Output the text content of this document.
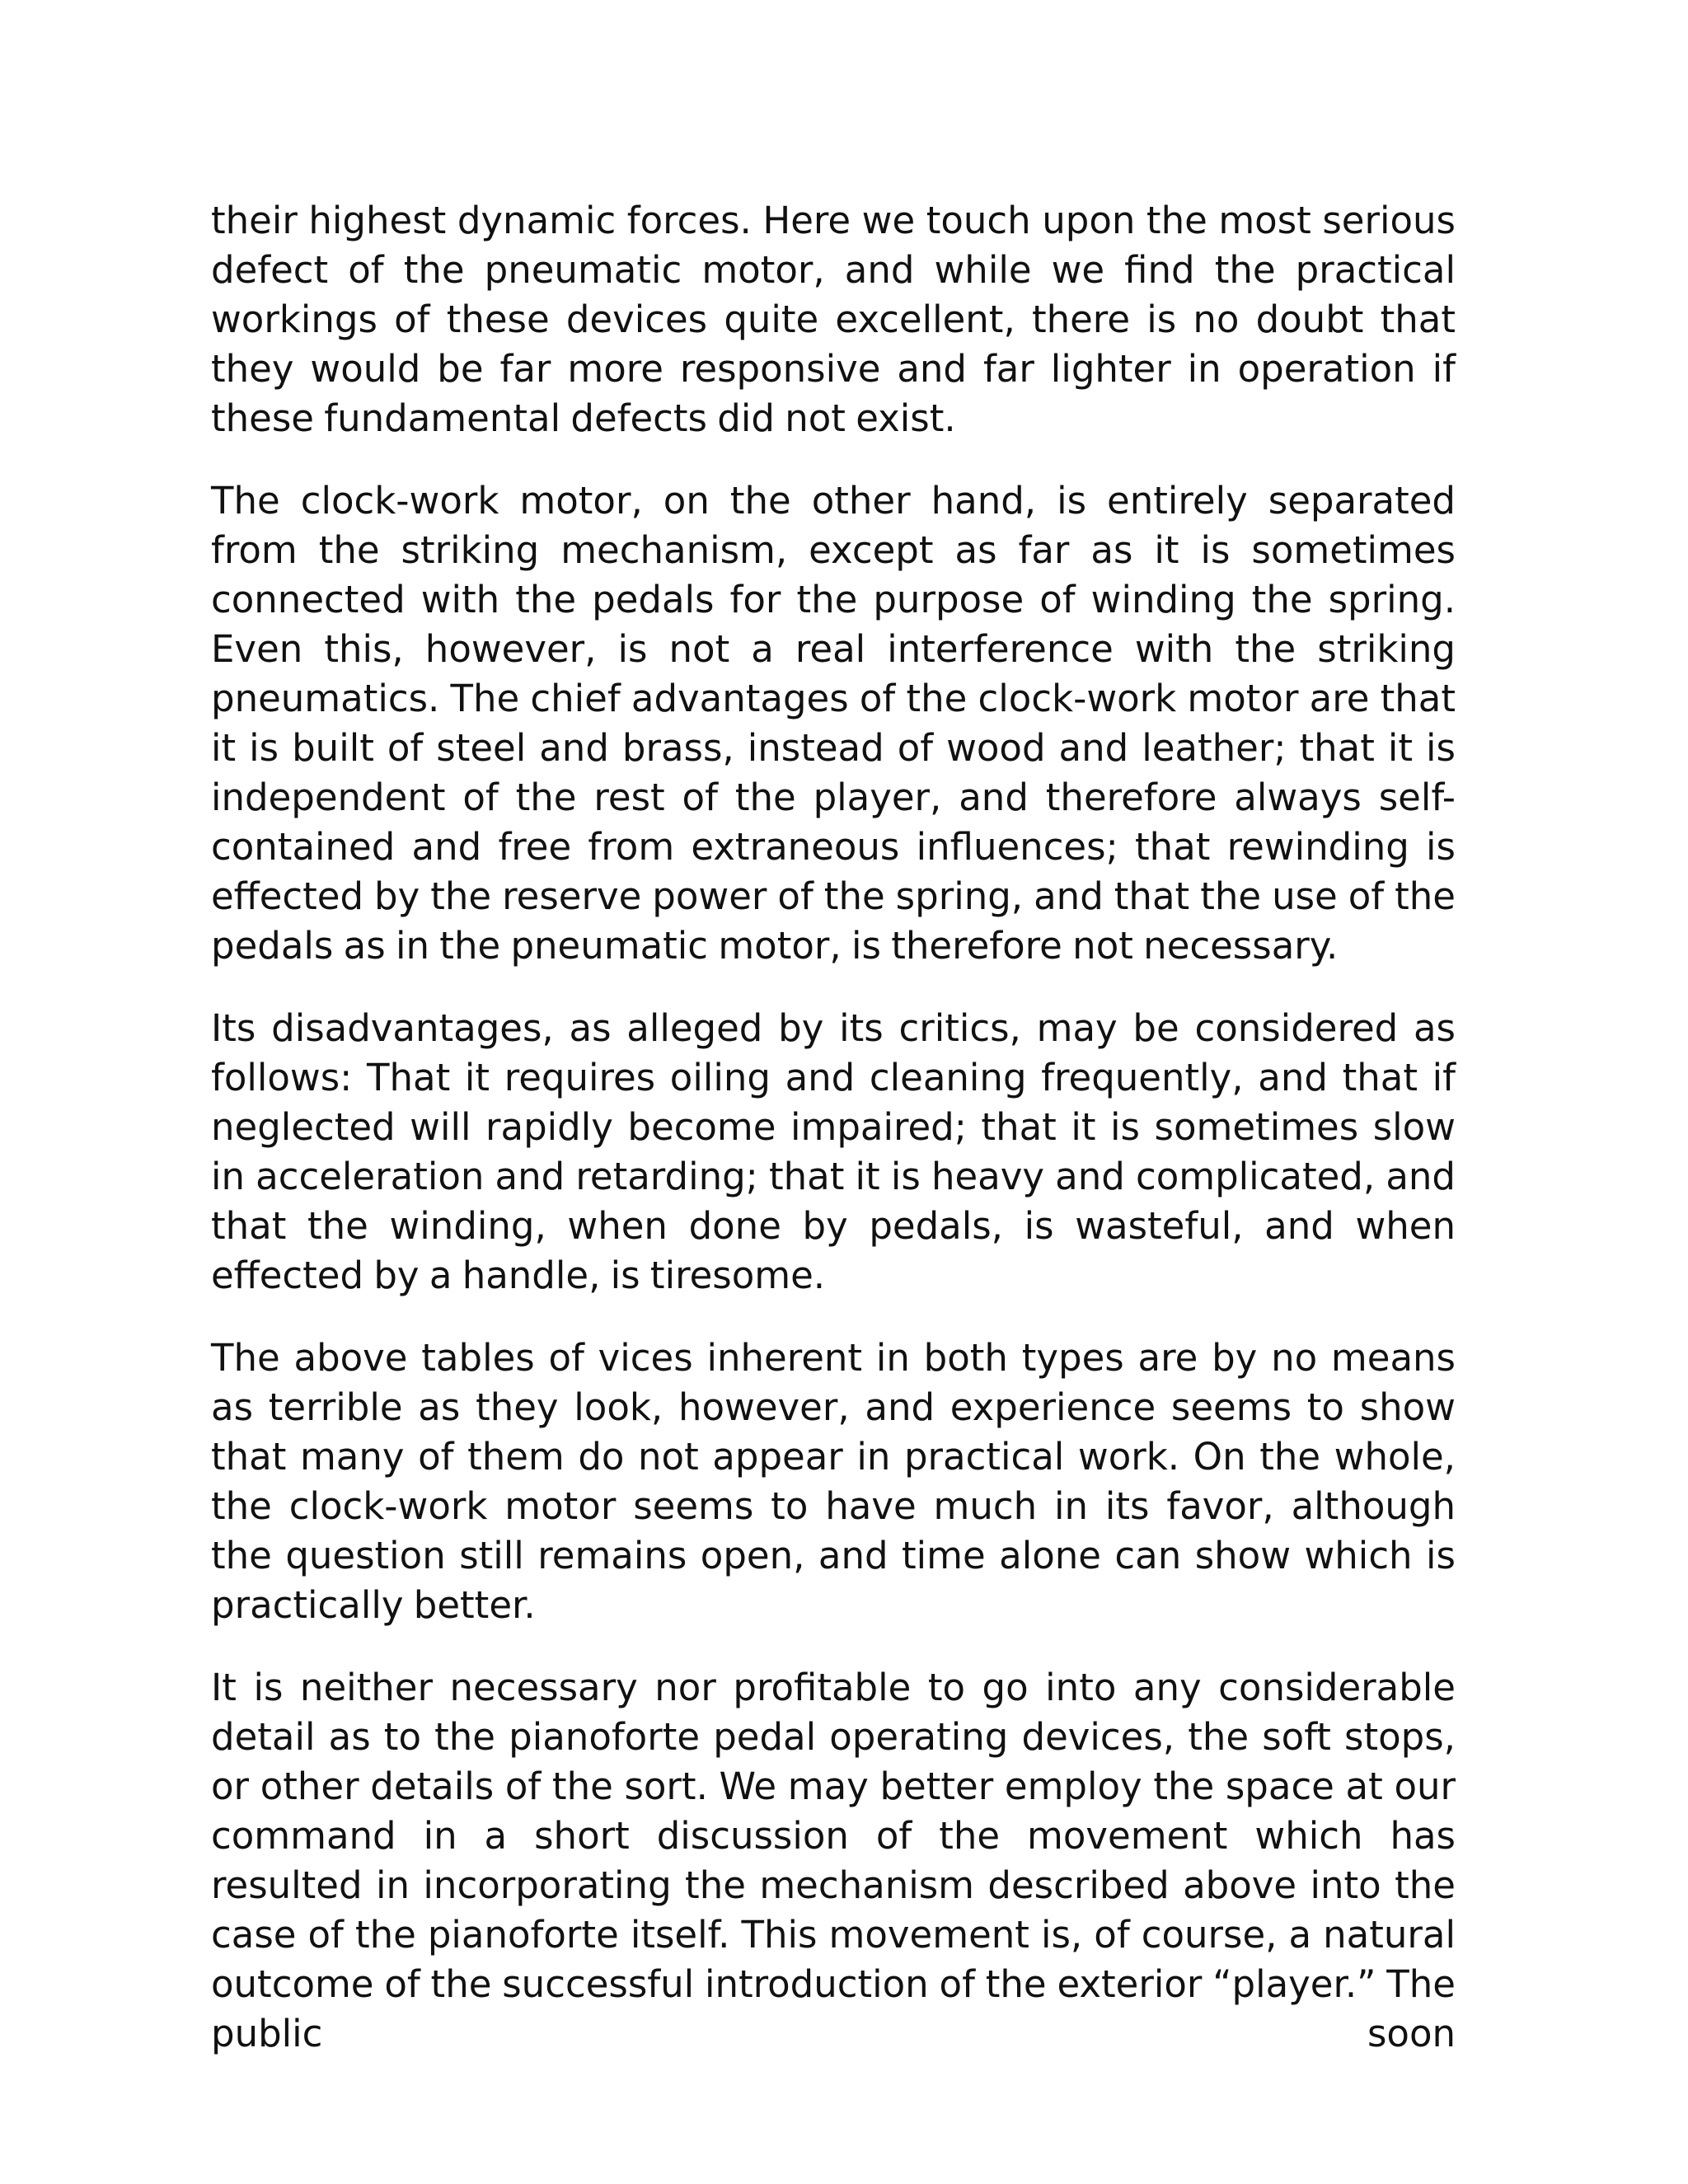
their highest dynamic forces. Here we touch upon the most serious defect of the pneumatic motor, and while we find the practical workings of these devices quite excellent, there is no doubt that they would be far more responsive and far lighter in operation if these fundamental defects did not exist.

The clock-work motor, on the other hand, is entirely separated from the striking mechanism, except as far as it is sometimes connected with the pedals for the purpose of winding the spring. Even this, however, is not a real interference with the striking pneumatics. The chief advantages of the clock-work motor are that it is built of steel and brass, instead of wood and leather; that it is independent of the rest of the player, and therefore always self-contained and free from extraneous influences; that rewinding is effected by the reserve power of the spring, and that the use of the pedals as in the pneumatic motor, is therefore not necessary.

Its disadvantages, as alleged by its critics, may be considered as follows: That it requires oiling and cleaning frequently, and that if neglected will rapidly become impaired; that it is sometimes slow in acceleration and retarding; that it is heavy and complicated, and that the winding, when done by pedals, is wasteful, and when effected by a handle, is tiresome.

The above tables of vices inherent in both types are by no means as terrible as they look, however, and experience seems to show that many of them do not appear in practical work. On the whole, the clock-work motor seems to have much in its favor, although the question still remains open, and time alone can show which is practically better.

It is neither necessary nor profitable to go into any considerable detail as to the pianoforte pedal operating devices, the soft stops, or other details of the sort. We may better employ the space at our command in a short discussion of the movement which has resulted in incorporating the mechanism described above into the case of the pianoforte itself. This movement is, of course, a natural outcome of the successful introduction of the exterior “player.” The public soon
